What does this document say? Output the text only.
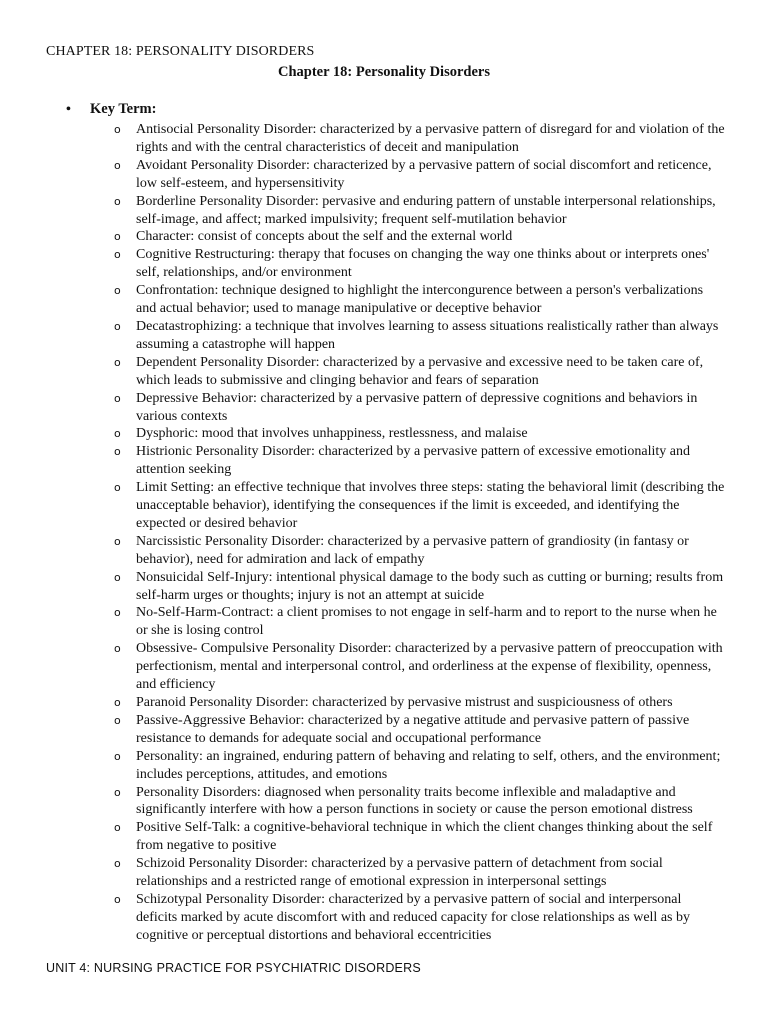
CHAPTER 18: PERSONALITY DISORDERS
Chapter 18: Personality Disorders
•	Key Term:
o	Antisocial Personality Disorder: characterized by a pervasive pattern of disregard for and violation of the rights and with the central characteristics of deceit and manipulation
o	Avoidant Personality Disorder: characterized by a pervasive pattern of social discomfort and reticence, low self-esteem, and hypersensitivity
o	Borderline Personality Disorder: pervasive and enduring pattern of unstable interpersonal relationships, self-image, and affect; marked impulsivity; frequent self-mutilation behavior
o	Character: consist of concepts about the self and the external world
o	Cognitive Restructuring: therapy that focuses on changing the way one thinks about or interprets ones' self, relationships, and/or environment
o	Confrontation: technique designed to highlight the intercongurence between a person's verbalizations and actual behavior; used to manage manipulative or deceptive behavior
o	Decatastrophizing: a technique that involves learning to assess situations realistically rather than always assuming a catastrophe will happen
o	Dependent Personality Disorder: characterized by a pervasive and excessive need to be taken care of, which leads to submissive and clinging behavior and fears of separation
o	Depressive Behavior: characterized by a pervasive pattern of depressive cognitions and behaviors in various contexts
o	Dysphoric: mood that involves unhappiness, restlessness, and malaise
o	Histrionic Personality Disorder: characterized by a pervasive pattern of excessive emotionality and attention seeking
o	Limit Setting: an effective technique that involves three steps: stating the behavioral limit (describing the unacceptable behavior), identifying the consequences if the limit is exceeded, and identifying the expected or desired behavior
o	Narcissistic Personality Disorder: characterized by a pervasive pattern of grandiosity (in fantasy or behavior), need for admiration and lack of empathy
o	Nonsuicidal Self-Injury: intentional physical damage to the body such as cutting or burning; results from self-harm urges or thoughts; injury is not an attempt at suicide
o	No-Self-Harm-Contract: a client promises to not engage in self-harm and to report to the nurse when he or she is losing control
o	Obsessive- Compulsive Personality Disorder: characterized by a pervasive pattern of preoccupation with perfectionism, mental and interpersonal control, and orderliness at the expense of flexibility, openness, and efficiency
o	Paranoid Personality Disorder: characterized by pervasive mistrust and suspiciousness of others
o	Passive-Aggressive Behavior: characterized by a negative attitude and pervasive pattern of passive resistance to demands for adequate social and occupational performance
o	Personality: an ingrained, enduring pattern of behaving and relating to self, others, and the environment; includes perceptions, attitudes, and emotions
o	Personality Disorders: diagnosed when personality traits become inflexible and maladaptive and significantly interfere with how a person functions in society or cause the person emotional distress
o	Positive Self-Talk: a cognitive-behavioral technique in which the client changes thinking about the self from negative to positive
o	Schizoid Personality Disorder: characterized by a pervasive pattern of detachment from social relationships and a restricted range of emotional expression in interpersonal settings
o	Schizotypal Personality Disorder: characterized by a pervasive pattern of social and interpersonal deficits marked by acute discomfort with and reduced capacity for close relationships as well as by cognitive or perceptual distortions and behavioral eccentricities
UNIT 4: NURSING PRACTICE FOR PSYCHIATRIC DISORDERS
